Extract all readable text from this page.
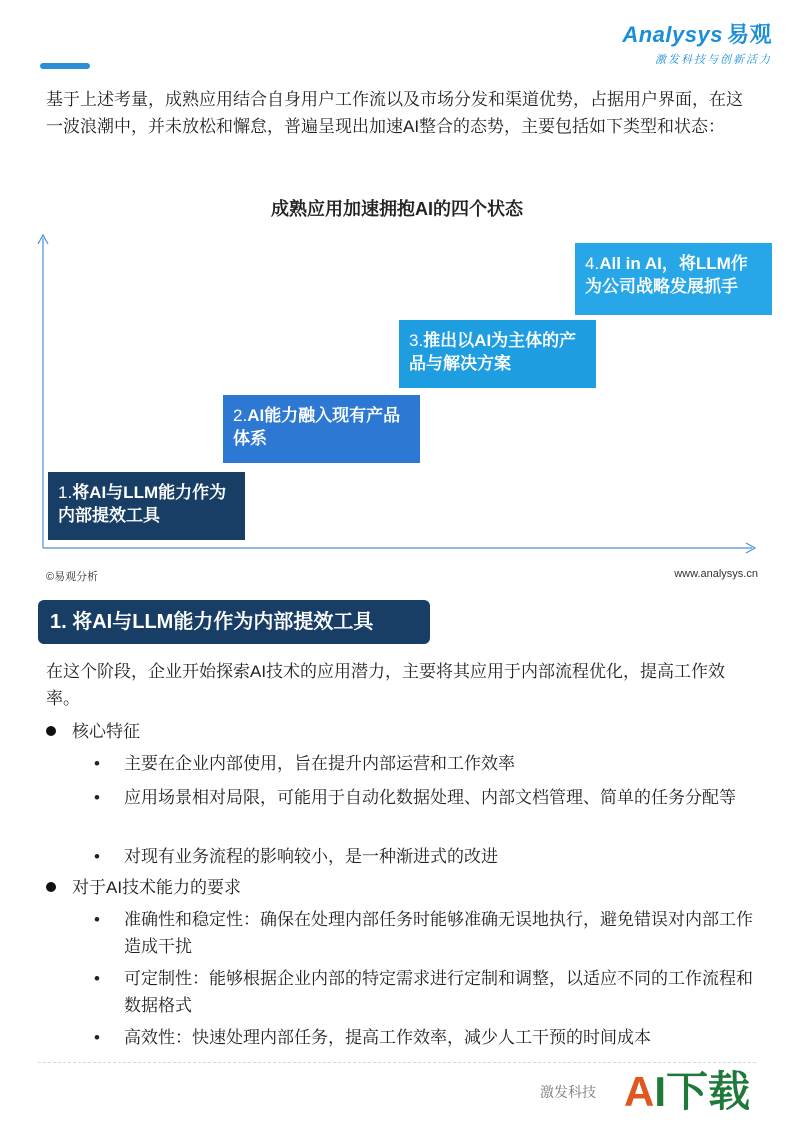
Analysys 易观
激发科技与创新活力

基于上述考量，成熟应用结合自身用户工作流以及市场分发和渠道优势，占据用户界面，在这一波浪潮中，并未放松和懈怠，普遍呈现出加速AI整合的态势，主要包括如下类型和状态：

成熟应用加速拥抱AI的四个状态
1.将AI与LLM能力作为内部提效工具
2.AI能力融入现有产品体系
3.推出以AI为主体的产品与解决方案
4.All in AI，将LLM作为公司战略发展抓手
©易观分析	www.analysys.cn
1. 将AI与LLM能力作为内部提效工具

在这个阶段，企业开始探索AI技术的应用潜力，主要将其应用于内部流程优化，提高工作效率。

核心特征
•	主要在企业内部使用，旨在提升内部运营和工作效率
•	应用场景相对局限，可能用于自动化数据处理、内部文档管理、简单的任务分配等
•	对现有业务流程的影响较小，是一种渐进式的改进
对于AI技术能力的要求
•	准确性和稳定性：确保在处理内部任务时能够准确无误地执行，避免错误对内部工作造成干扰
•	可定制性：能够根据企业内部的特定需求进行定制和调整，以适应不同的工作流程和数据格式
•	高效性：快速处理内部任务，提高工作效率，减少人工干预的时间成本
激发科技 AI下载
